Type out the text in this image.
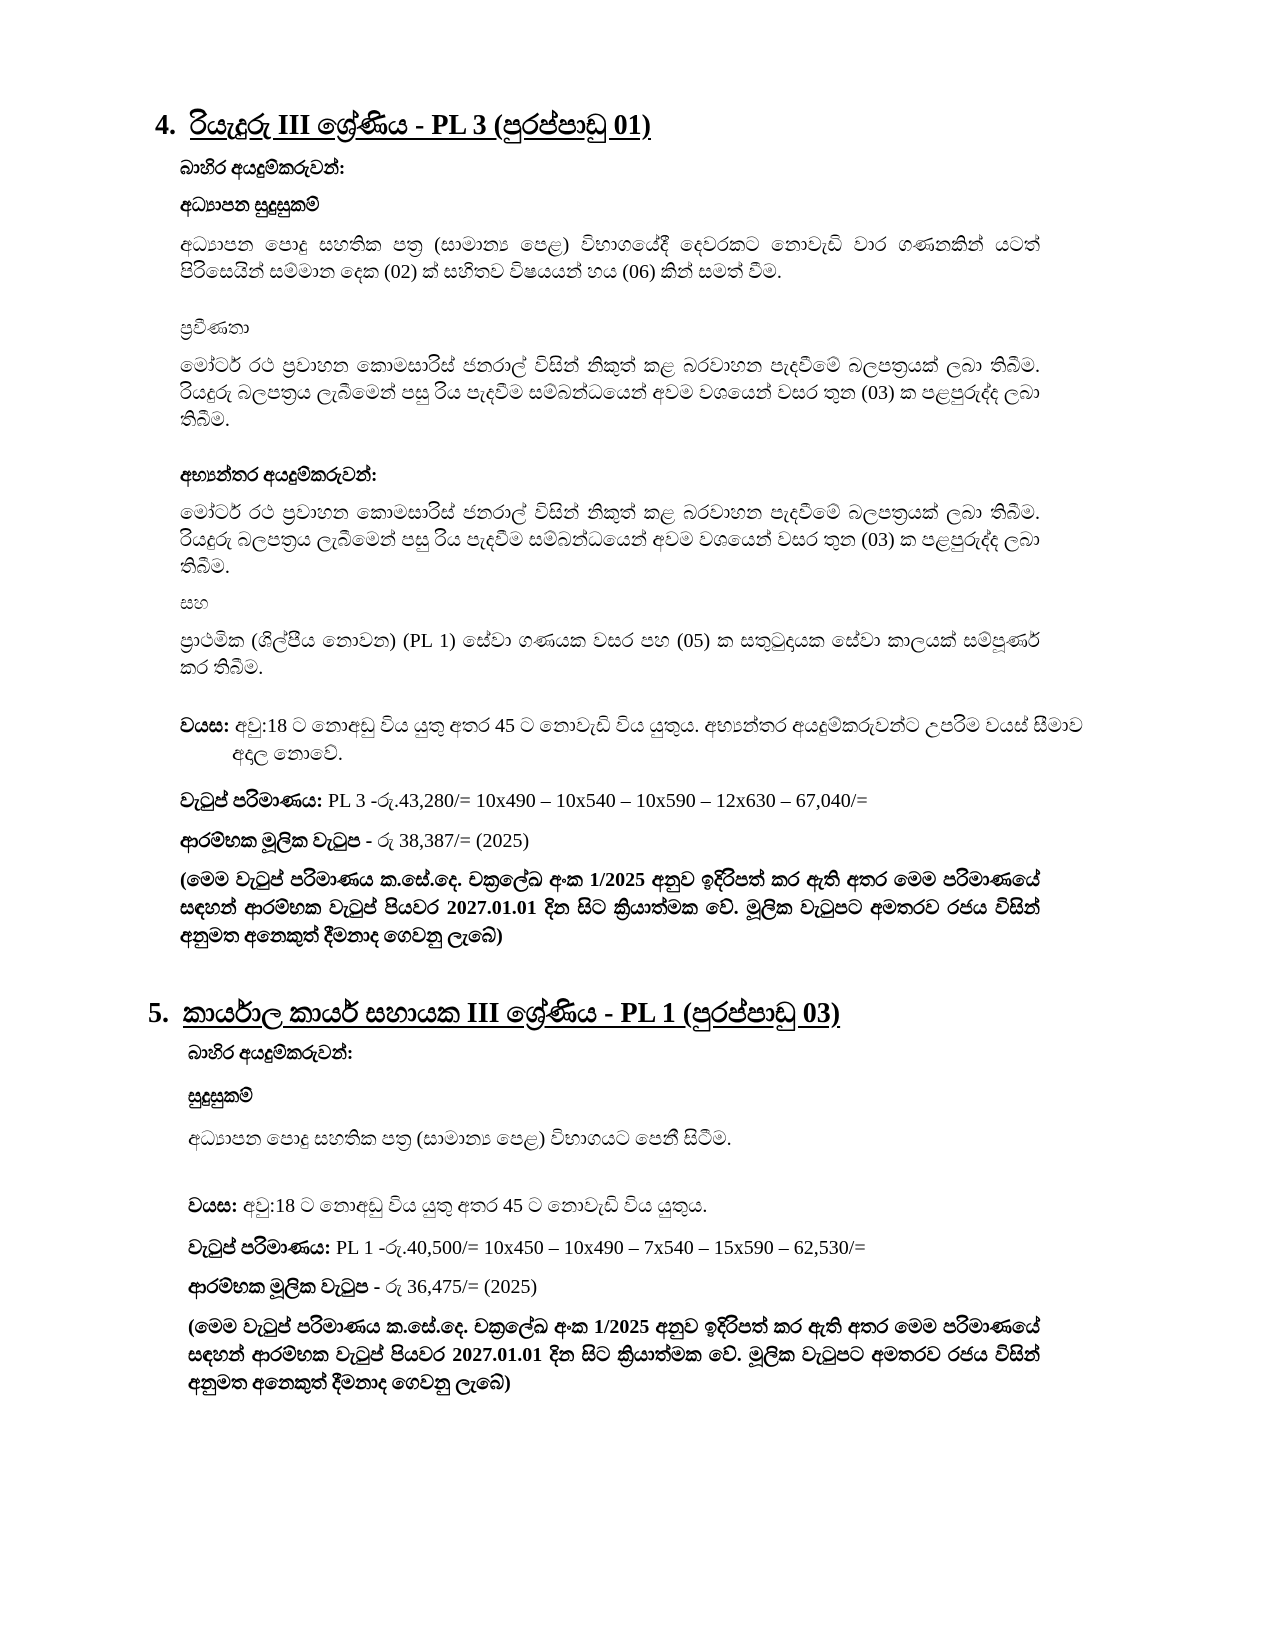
4. රියැදුරු III ශ්‍රේණිය - PL 3 (පුරප්පාඩු 01)
බාහිර අයදුම්කරුවන්:
අධ්‍යාපන සුදුසුකම්
අධ්‍යාපන පොදු සහතික පත්‍ර (සාමාන්‍ය පෙළ) විභාගයේදී දෙවරකට නොවැඩි වාර ගණනකින් යටත් පිරිසෙයින් සම්මාන දෙක (02) ක් සහිතව විෂයයන් හය (06) කින් සමත් වීම.
ප්‍රවීණතා
මෝටර් රථ ප්‍රවාහන කොමසාරිස් ජනරාල් විසින් නිකුත් කළ බරවාහන පැදවීමේ බලපත්‍රයක් ලබා තිබීම. රියදුරු බලපත්‍රය ලැබීමෙන් පසු රිය පැදවීම සම්බන්ධයෙන් අවම වශයෙන් වසර තුන (03) ක පළපුරුද්ද ලබා තිබීම.
අභ්‍යන්තර අයදුම්කරුවන්:
මෝටර් රථ ප්‍රවාහන කොමසාරිස් ජනරාල් විසින් නිකුත් කළ බරවාහන පැදවීමේ බලපත්‍රයක් ලබා තිබීම. රියදුරු බලපත්‍රය ලැබීමෙන් පසු රිය පැදවීම සම්බන්ධයෙන් අවම වශයෙන් වසර තුන (03) ක පළපුරුද්ද ලබා තිබීම.
සහ
ප්‍රාථමික (ශිල්පීය නොවන) (PL 1) සේවා ගණයක වසර පහ (05) ක සතුටුදායක සේවා කාලයක් සම්පූර්ණ කර තිබීම.
වයස: අවු:18 ට නොඅඩු විය යුතු අතර 45 ට නොවැඩි විය යුතුය. අභ්‍යන්තර අයදුම්කරුවන්ට උපරිම වයස් සීමාව අදාල නොවේ.
වැටුප් පරිමාණය: PL 3 -රු.43,280/= 10x490 – 10x540 – 10x590 – 12x630 – 67,040/=
ආරම්භක මූලික වැටුප - රු 38,387/= (2025)
(මෙම වැටුප් පරිමාණය ක.සේ.දෙ. චක්‍රලේඛ අංක 1/2025 අනුව ඉදිරිපත් කර ඇති අතර මෙම පරිමාණයේ සඳහන් ආරම්භක වැටුප් පියවර 2027.01.01 දින සිට ක්‍රියාත්මක වේ. මූලික වැටුපට අමතරව රජය විසින් අනුමත අනෙකුත් දීමනාද ගෙවනු ලැබේ)
5. කාර්යාල කාර්ය සහායක III ශ්‍රේණිය - PL 1 (පුරප්පාඩු 03)
බාහිර අයදුම්කරුවන්:
සුදුසුකම්
අධ්‍යාපන පොදු සහතික පත්‍ර (සාමාන්‍ය පෙළ) විභාගයට පෙනී සිටීම.
වයස: අවු:18 ට නොඅඩු විය යුතු අතර 45 ට නොවැඩි විය යුතුය.
වැටුප් පරිමාණය: PL 1 -රු.40,500/= 10x450 – 10x490 – 7x540 – 15x590 – 62,530/=
ආරම්භක මූලික වැටුප - රු 36,475/= (2025)
(මෙම වැටුප් පරිමාණය ක.සේ.දෙ. චක්‍රලේඛ අංක 1/2025 අනුව ඉදිරිපත් කර ඇති අතර මෙම පරිමාණයේ සඳහන් ආරම්භක වැටුප් පියවර 2027.01.01 දින සිට ක්‍රියාත්මක වේ. මූලික වැටුපට අමතරව රජය විසින් අනුමත අනෙකුත් දීමනාද ගෙවනු ලැබේ)
